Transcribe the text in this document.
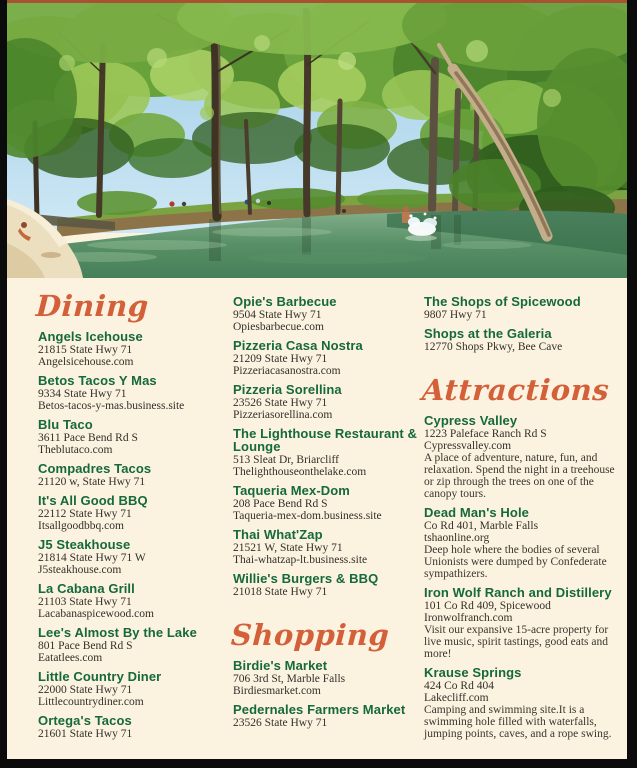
Dining
Angels Icehouse
21815 State Hwy 71
Angelsicehouse.com
Betos Tacos Y Mas
9334 State Hwy 71
Betos-tacos-y-mas.business.site
Blu Taco
3611 Pace Bend Rd S
Theblutaco.com
Compadres Tacos
21120 w, State Hwy 71
It's All Good BBQ
22112 State Hwy 71
Itsallgoodbbq.com
J5 Steakhouse
21814 State Hwy 71 W
J5steakhouse.com
La Cabana Grill
21103 State Hwy 71
Lacabanaspicewood.com
Lee's Almost By the Lake
801 Pace Bend Rd S
Eatatlees.com
Little Country Diner
22000 State Hwy 71
Littlecountrydiner.com
Ortega's Tacos
21601 State Hwy 71
Opie's Barbecue
9504 State Hwy 71
Opiesbarbecue.com
Pizzeria Casa Nostra
21209 State Hwy 71
Pizzeriacasanostra.com
Pizzeria Sorellina
23526 State Hwy 71
Pizzeriasorellina.com
The Lighthouse Restaurant & Lounge
513 Sleat Dr, Briarcliff
Thelighthouseonthelake.com
Taqueria Mex-Dom
208 Pace Bend Rd S
Taqueria-mex-dom.business.site
Thai What'Zap
21521 W, State Hwy 71
Thai-whatzap-lt.business.site
Willie's Burgers & BBQ
21018 State Hwy 71
Shopping
Birdie's Market
706 3rd St, Marble Falls
Birdiesmarket.com
Pedernales Farmers Market
23526 State Hwy 71
The Shops of Spicewood
9807 Hwy 71
Shops at the Galeria
12770 Shops Pkwy, Bee Cave
Attractions
Cypress Valley
1223 Paleface Ranch Rd S
Cypressvalley.com
A place of adventure, nature, fun, and relaxation. Spend the night in a treehouse or zip through the trees on one of the canopy tours.
Dead Man's Hole
Co Rd 401, Marble Falls
tshaonline.org
Deep hole where the bodies of several Unionists were dumped by Confederate sympathizers.
Iron Wolf Ranch and Distillery
101 Co Rd 409, Spicewood
Ironwolfranch.com
Visit our expansive 15-acre property for live music, spirit tastings, good eats and more!
Krause Springs
424 Co Rd 404
Lakecliff.com
Camping and swimming site.It is a swimming hole filled with waterfalls, jumping points, caves, and a rope swing.
